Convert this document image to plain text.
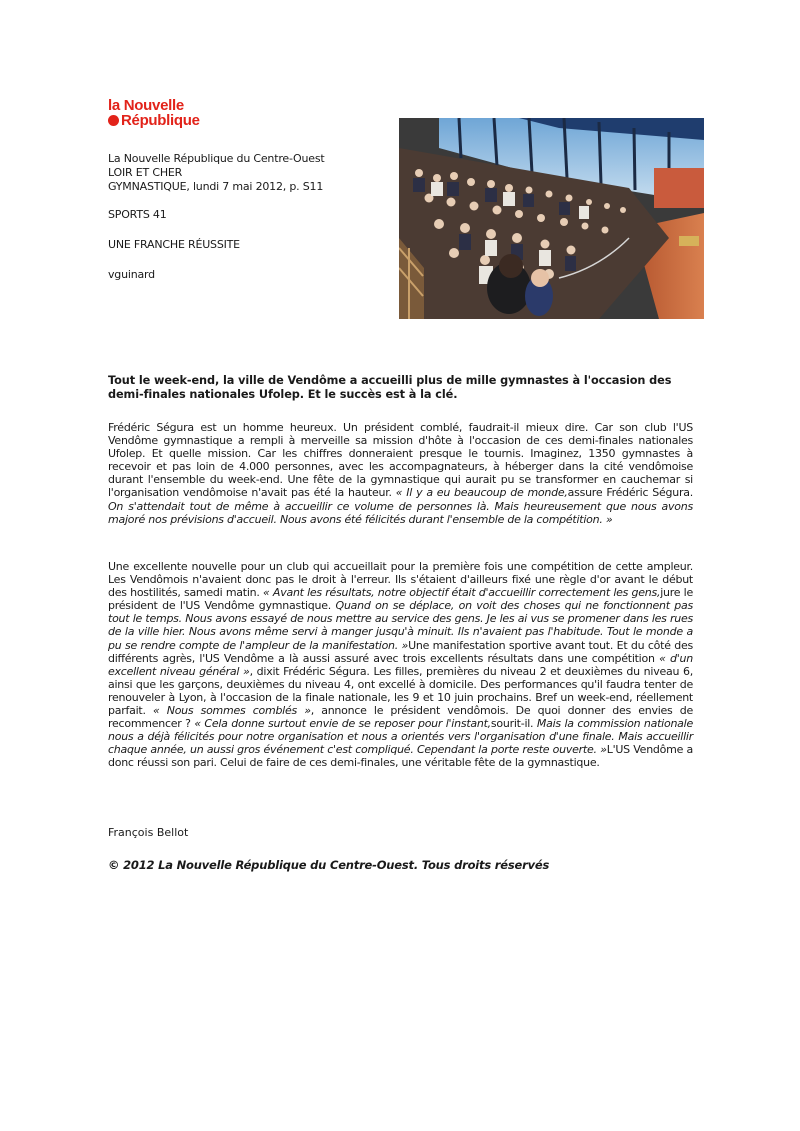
la Nouvelle
République
La Nouvelle République du Centre-Ouest
LOIR ET CHER
GYMNASTIQUE, lundi 7 mai 2012, p. S11
SPORTS 41
UNE FRANCHE RÉUSSITE
vguinard
Tout le week-end, la ville de Vendôme a accueilli plus de mille gymnastes à l'occasion des demi-finales nationales Ufolep. Et le succès est à la clé.

Frédéric Ségura est un homme heureux. Un président comblé, faudrait-il mieux dire. Car son club l'US Vendôme gymnastique a rempli à merveille sa mission d'hôte à l'occasion de ces demi-finales nationales Ufolep. Et quelle mission. Car les chiffres donneraient presque le tournis. Imaginez, 1350 gymnastes à recevoir et pas loin de 4.000 personnes, avec les accompagnateurs, à héberger dans la cité vendômoise durant l'ensemble du week-end. Une fête de la gymnastique qui aurait pu se transformer en cauchemar si l'organisation vendômoise n'avait pas été la hauteur. « Il y a eu beaucoup de monde,assure Frédéric Ségura. On s'attendait tout de même à accueillir ce volume de personnes là. Mais heureusement que nous avons majoré nos prévisions d'accueil. Nous avons été félicités durant l'ensemble de la compétition. »

Une excellente nouvelle pour un club qui accueillait pour la première fois une compétition de cette ampleur. Les Vendômois n'avaient donc pas le droit à l'erreur. Ils s'étaient d'ailleurs fixé une règle d'or avant le début des hostilités, samedi matin. « Avant les résultats, notre objectif était d'accueillir correctement les gens,jure le président de l'US Vendôme gymnastique. Quand on se déplace, on voit des choses qui ne fonctionnent pas tout le temps. Nous avons essayé de nous mettre au service des gens. Je les ai vus se promener dans les rues de la ville hier. Nous avons même servi à manger jusqu'à minuit. Ils n'avaient pas l'habitude. Tout le monde a pu se rendre compte de l'ampleur de la manifestation. »Une manifestation sportive avant tout. Et du côté des différents agrès, l'US Vendôme a là aussi assuré avec trois excellents résultats dans une compétition « d'un excellent niveau général », dixit Frédéric Ségura. Les filles, premières du niveau 2 et deuxièmes du niveau 6, ainsi que les garçons, deuxièmes du niveau 4, ont excellé à domicile. Des performances qu'il faudra tenter de renouveler à Lyon, à l'occasion de la finale nationale, les 9 et 10 juin prochains. Bref un week-end, réellement parfait. « Nous sommes comblés », annonce le président vendômois. De quoi donner des envies de recommencer ? « Cela donne surtout envie de se reposer pour l'instant,sourit-il. Mais la commission nationale nous a déjà félicités pour notre organisation et nous a orientés vers l'organisation d'une finale. Mais accueillir chaque année, un aussi gros événement c'est compliqué. Cependant la porte reste ouverte. »L'US Vendôme a donc réussi son pari. Celui de faire de ces demi-finales, une véritable fête de la gymnastique.

François Bellot
© 2012 La Nouvelle République du Centre-Ouest. Tous droits réservés
